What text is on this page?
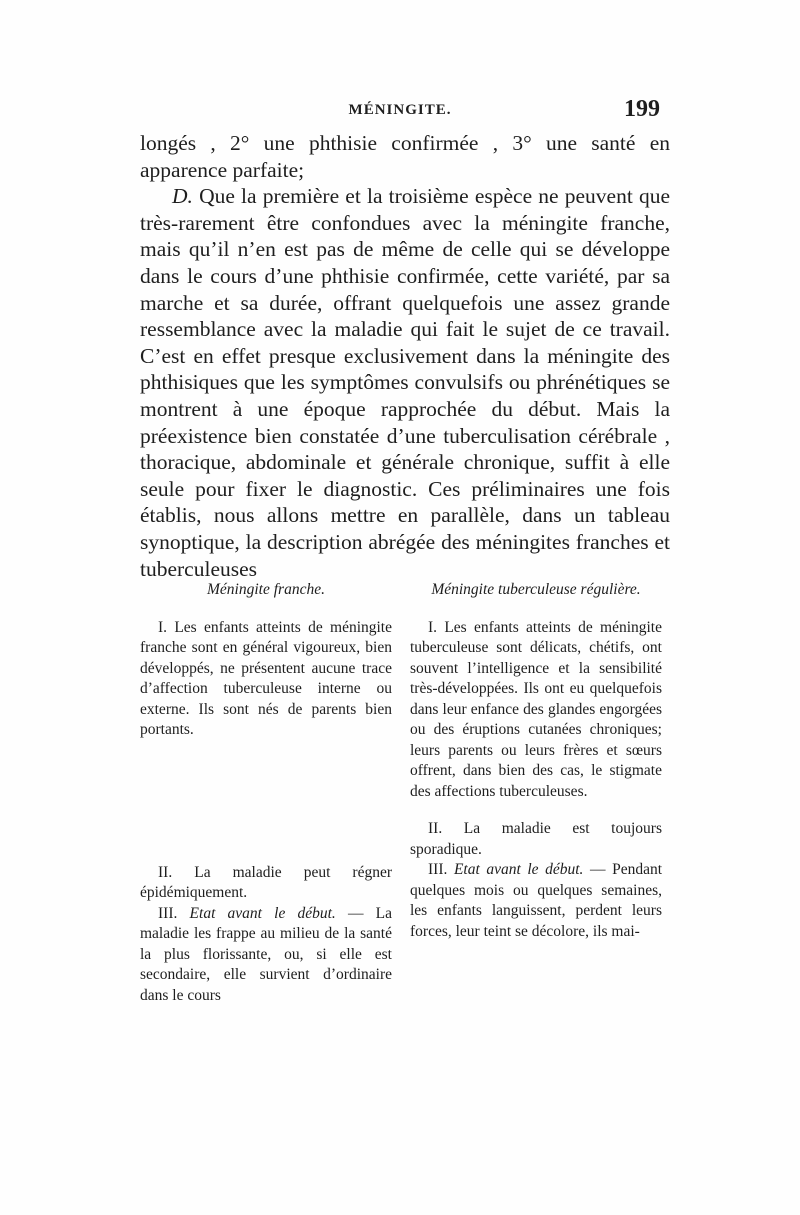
MÉNINGITE.	199

longés , 2° une phthisie confirmée , 3° une santé en apparence parfaite;

D. Que la première et la troisième espèce ne peuvent que très-rarement être confondues avec la méningite franche, mais qu’il n’en est pas de même de celle qui se développe dans le cours d’une phthisie confirmée, cette variété, par sa marche et sa durée, offrant quelquefois une assez grande ressemblance avec la maladie qui fait le sujet de ce travail. C’est en effet presque exclusivement dans la méningite des phthisiques que les symptômes convulsifs ou phrénétiques se montrent à une époque rapprochée du début. Mais la préexistence bien constatée d’une tuberculisation cérébrale , thoracique, abdominale et générale chronique, suffit à elle seule pour fixer le diagnostic. Ces préliminaires une fois établis, nous allons mettre en parallèle, dans un tableau synoptique, la description abrégée des méningites franches et tuberculeuses

Méningite franche.

I. Les enfants atteints de méningite franche sont en général vigoureux, bien développés, ne présentent aucune trace d’affection tuberculeuse interne ou externe. Ils sont nés de parents bien portants.

II. La maladie peut régner épidémiquement.

III. Etat avant le début. — La maladie les frappe au milieu de la santé la plus florissante, ou, si elle est secondaire, elle survient d’ordinaire dans le cours

Méningite tuberculeuse régulière.

I. Les enfants atteints de méningite tuberculeuse sont délicats, chétifs, ont souvent l’intelligence et la sensibilité très-développées. Ils ont eu quelquefois dans leur enfance des glandes engorgées ou des éruptions cutanées chroniques; leurs parents ou leurs frères et sœurs offrent, dans bien des cas, le stigmate des affections tuberculeuses.

II. La maladie est toujours sporadique.

III. Etat avant le début. — Pendant quelques mois ou quelques semaines, les enfants languissent, perdent leurs forces, leur teint se décolore, ils mai-
